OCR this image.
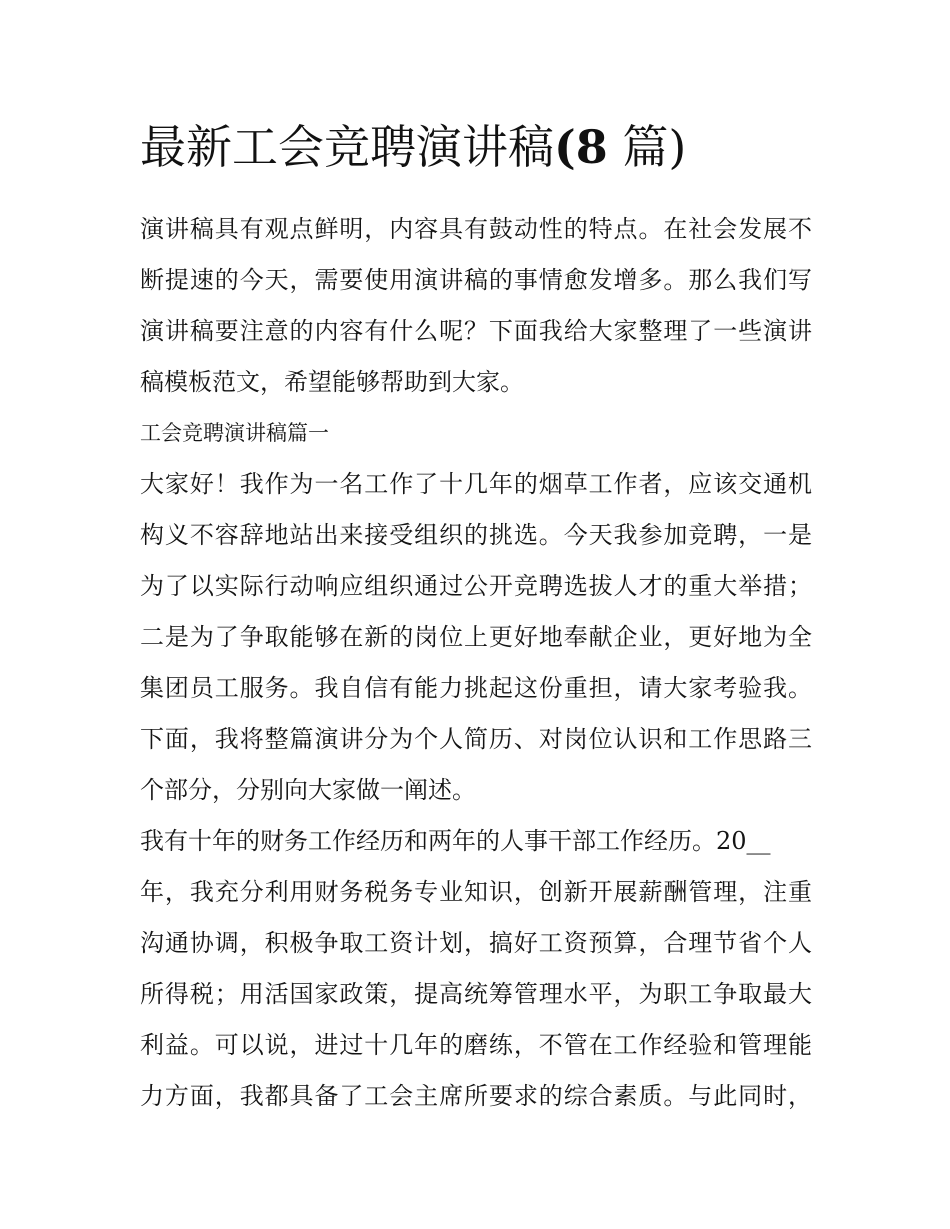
最新工会竞聘演讲稿(8 篇)
演讲稿具有观点鲜明，内容具有鼓动性的特点。在社会发展不
断提速的今天，需要使用演讲稿的事情愈发增多。那么我们写
演讲稿要注意的内容有什么呢？下面我给大家整理了一些演讲
稿模板范文，希望能够帮助到大家。
工会竞聘演讲稿篇一
大家好！我作为一名工作了十几年的烟草工作者，应该交通机
构义不容辞地站出来接受组织的挑选。今天我参加竞聘，一是
为了以实际行动响应组织通过公开竞聘选拔人才的重大举措；
二是为了争取能够在新的岗位上更好地奉献企业，更好地为全
集团员工服务。我自信有能力挑起这份重担，请大家考验我。
下面，我将整篇演讲分为个人简历、对岗位认识和工作思路三
个部分，分别向大家做一阐述。
我有十年的财务工作经历和两年的人事干部工作经历。20__
年，我充分利用财务税务专业知识，创新开展薪酬管理，注重
沟通协调，积极争取工资计划，搞好工资预算，合理节省个人
所得税；用活国家政策，提高统筹管理水平，为职工争取最大
利益。可以说，进过十几年的磨练，不管在工作经验和管理能
力方面，我都具备了工会主席所要求的综合素质。与此同时，
